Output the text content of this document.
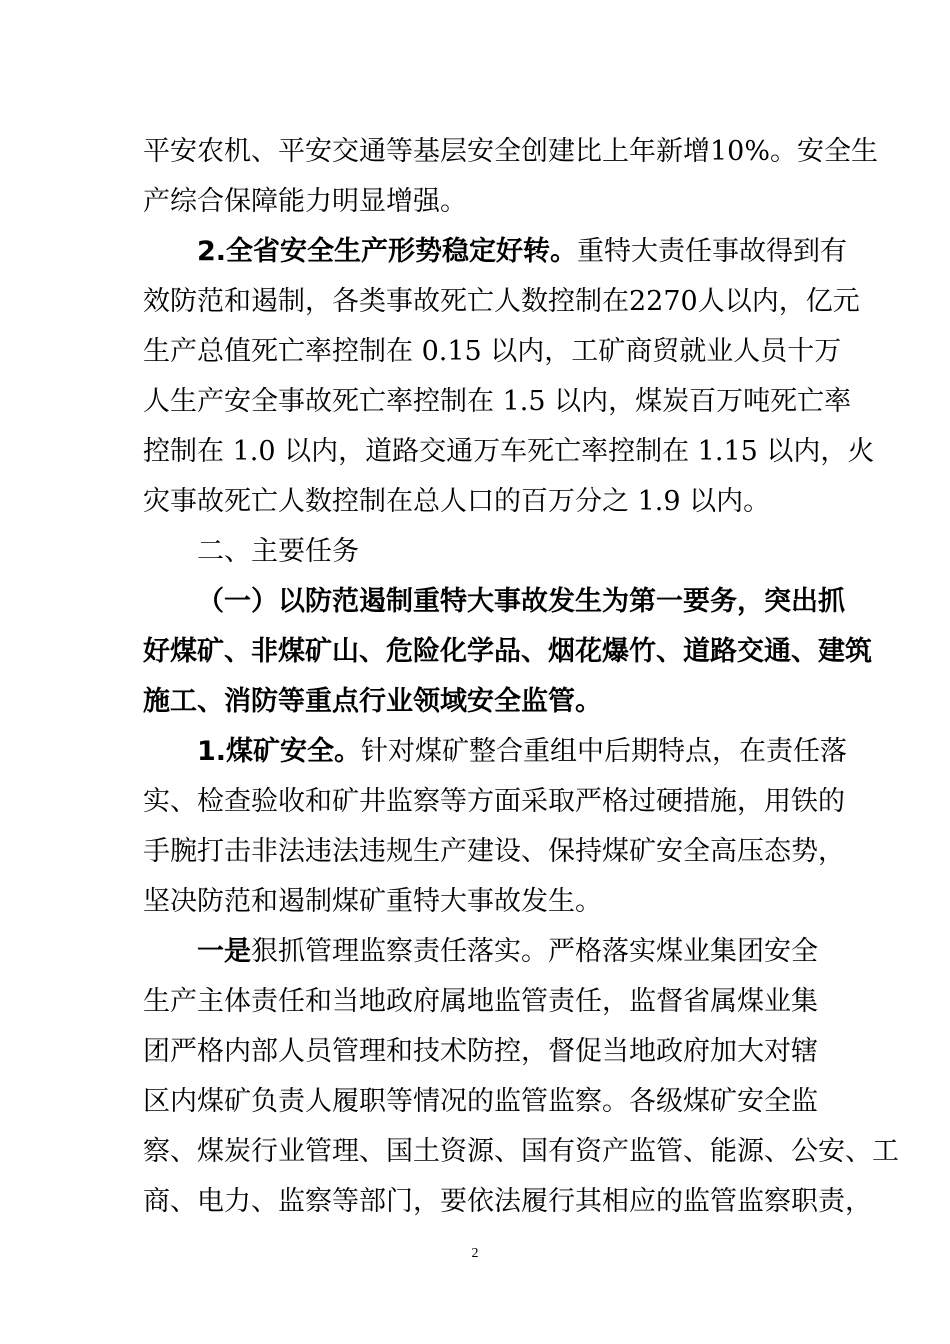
平安农机、平安交通等基层安全创建比上年新增10%。安全生
产综合保障能力明显增强。
2.全省安全生产形势稳定好转。重特大责任事故得到有
效防范和遏制，各类事故死亡人数控制在2270人以内，亿元
生产总值死亡率控制在 0.15 以内，工矿商贸就业人员十万
人生产安全事故死亡率控制在 1.5 以内，煤炭百万吨死亡率
控制在 1.0 以内，道路交通万车死亡率控制在 1.15 以内，火
灾事故死亡人数控制在总人口的百万分之 1.9 以内。
二、主要任务
（一）以防范遏制重特大事故发生为第一要务，突出抓
好煤矿、非煤矿山、危险化学品、烟花爆竹、道路交通、建筑
施工、消防等重点行业领域安全监管。
1.煤矿安全。针对煤矿整合重组中后期特点，在责任落
实、检查验收和矿井监察等方面采取严格过硬措施，用铁的
手腕打击非法违法违规生产建设、保持煤矿安全高压态势，
坚决防范和遏制煤矿重特大事故发生。
一是狠抓管理监察责任落实。严格落实煤业集团安全
生产主体责任和当地政府属地监管责任，监督省属煤业集
团严格内部人员管理和技术防控，督促当地政府加大对辖
区内煤矿负责人履职等情况的监管监察。各级煤矿安全监
察、煤炭行业管理、国土资源、国有资产监管、能源、公安、工
商、电力、监察等部门，要依法履行其相应的监管监察职责，
2
